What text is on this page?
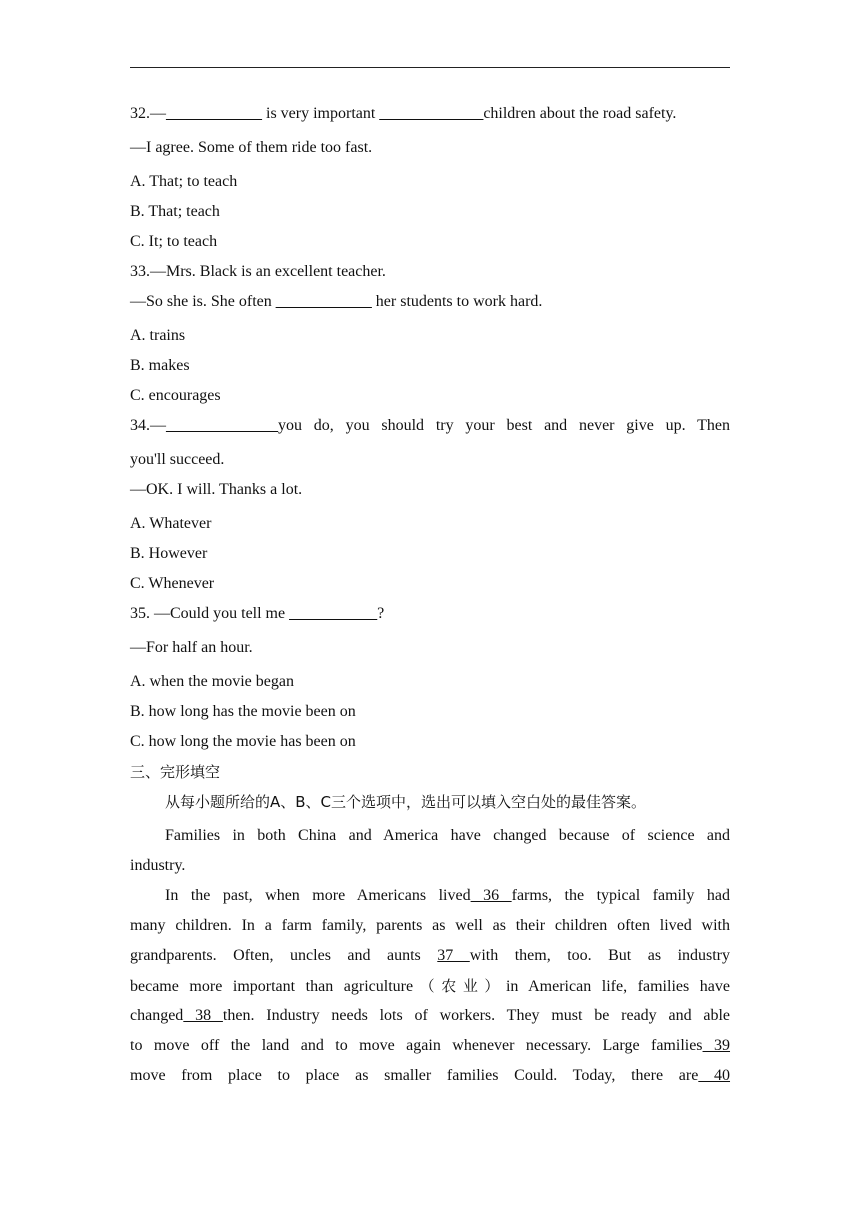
32.—____________ is very important _____________children about the road safety.
—I agree. Some of them ride too fast.
A. That; to teach
B. That; teach
C. It; to teach
33.—Mrs. Black is an excellent teacher.
—So she is. She often ____________ her students to work hard.
A. trains
B. makes
C. encourages
34.—______________you do, you should try your best and never give up. Then
you'll succeed.
—OK. I will. Thanks a lot.
A. Whatever
B. However
C. Whenever
35. —Could you tell me ___________?
—For half an hour.
A. when the movie began
B. how long has the movie been on
C. how long the movie has been on
三、完形填空
从每小题所给的A、B、C三个选项中，选出可以填入空白处的最佳答案。
Families in both China and America have changed because of science and
industry.
In the past, when more Americans lived 36 farms, the typical family had
many children. In a farm family, parents as well as their children often lived with
grandparents. Often, uncles and aunts 37 with them, too. But as industry
became more important than agriculture（农业）in American life, families have
changed 38 then. Industry needs lots of workers. They must be ready and able
to move off the land and to move again whenever necessary. Large families 39
move from place to place as smaller families Could. Today, there are 40
